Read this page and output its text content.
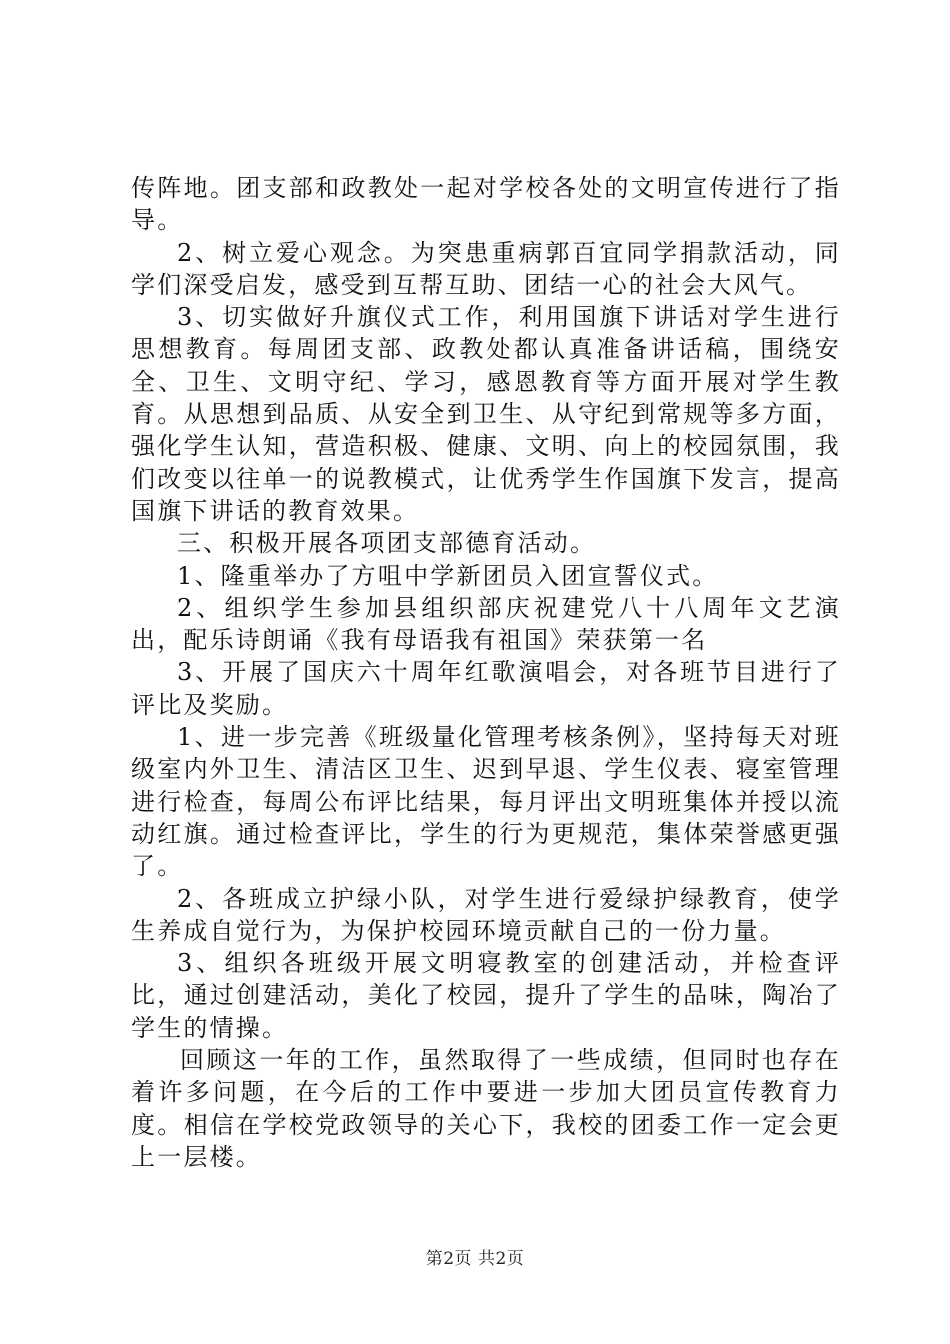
传阵地。团支部和政教处一起对学校各处的文明宣传进行了指导。

2、树立爱心观念。为突患重病郭百宜同学捐款活动，同学们深受启发，感受到互帮互助、团结一心的社会大风气。

3、切实做好升旗仪式工作，利用国旗下讲话对学生进行思想教育。每周团支部、政教处都认真准备讲话稿，围绕安全、卫生、文明守纪、学习，感恩教育等方面开展对学生教育。从思想到品质、从安全到卫生、从守纪到常规等多方面，强化学生认知，营造积极、健康、文明、向上的校园氛围，我们改变以往单一的说教模式，让优秀学生作国旗下发言，提高国旗下讲话的教育效果。

三、积极开展各项团支部德育活动。

1、隆重举办了方咀中学新团员入团宣誓仪式。

2、组织学生参加县组织部庆祝建党八十八周年文艺演出，配乐诗朗诵《我有母语我有祖国》荣获第一名

3、开展了国庆六十周年红歌演唱会，对各班节目进行了评比及奖励。

1、进一步完善《班级量化管理考核条例》，坚持每天对班级室内外卫生、清洁区卫生、迟到早退、学生仪表、寝室管理进行检查，每周公布评比结果，每月评出文明班集体并授以流动红旗。通过检查评比，学生的行为更规范，集体荣誉感更强了。

2、各班成立护绿小队，对学生进行爱绿护绿教育，使学生养成自觉行为，为保护校园环境贡献自己的一份力量。

3、组织各班级开展文明寝教室的创建活动，并检查评比，通过创建活动，美化了校园，提升了学生的品味，陶冶了学生的情操。

回顾这一年的工作，虽然取得了一些成绩，但同时也存在着许多问题，在今后的工作中要进一步加大团员宣传教育力度。相信在学校党政领导的关心下，我校的团委工作一定会更上一层楼。

第2页 共2页
